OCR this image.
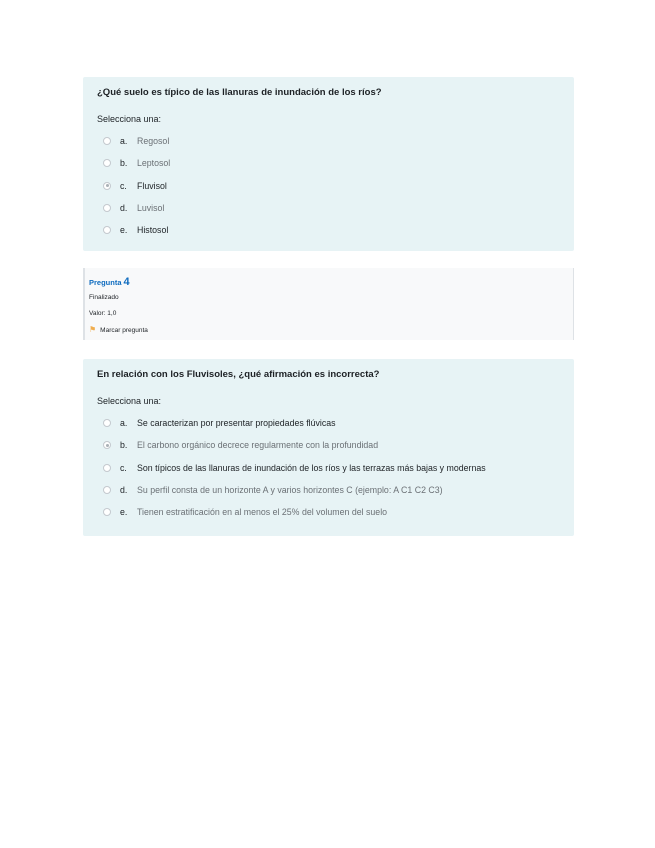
¿Qué suelo es típico de las llanuras de inundación de los ríos?
Selecciona una:
a.	Regosol
b.	Leptosol
c.	Fluvisol
d.	Luvisol
e.	Histosol
Pregunta 4
Finalizado
Valor: 1,0
⚑ Marcar pregunta
En relación con los Fluvisoles, ¿qué afirmación es incorrecta?
Selecciona una:
a.	Se caracterizan por presentar propiedades flúvicas
b.	El carbono orgánico decrece regularmente con la profundidad
c.	Son típicos de las llanuras de inundación de los ríos y las terrazas más bajas y modernas
d.	Su perfil consta de un horizonte A y varios horizontes C (ejemplo: A C1 C2 C3)
e.	Tienen estratificación en al menos el 25% del volumen del suelo
